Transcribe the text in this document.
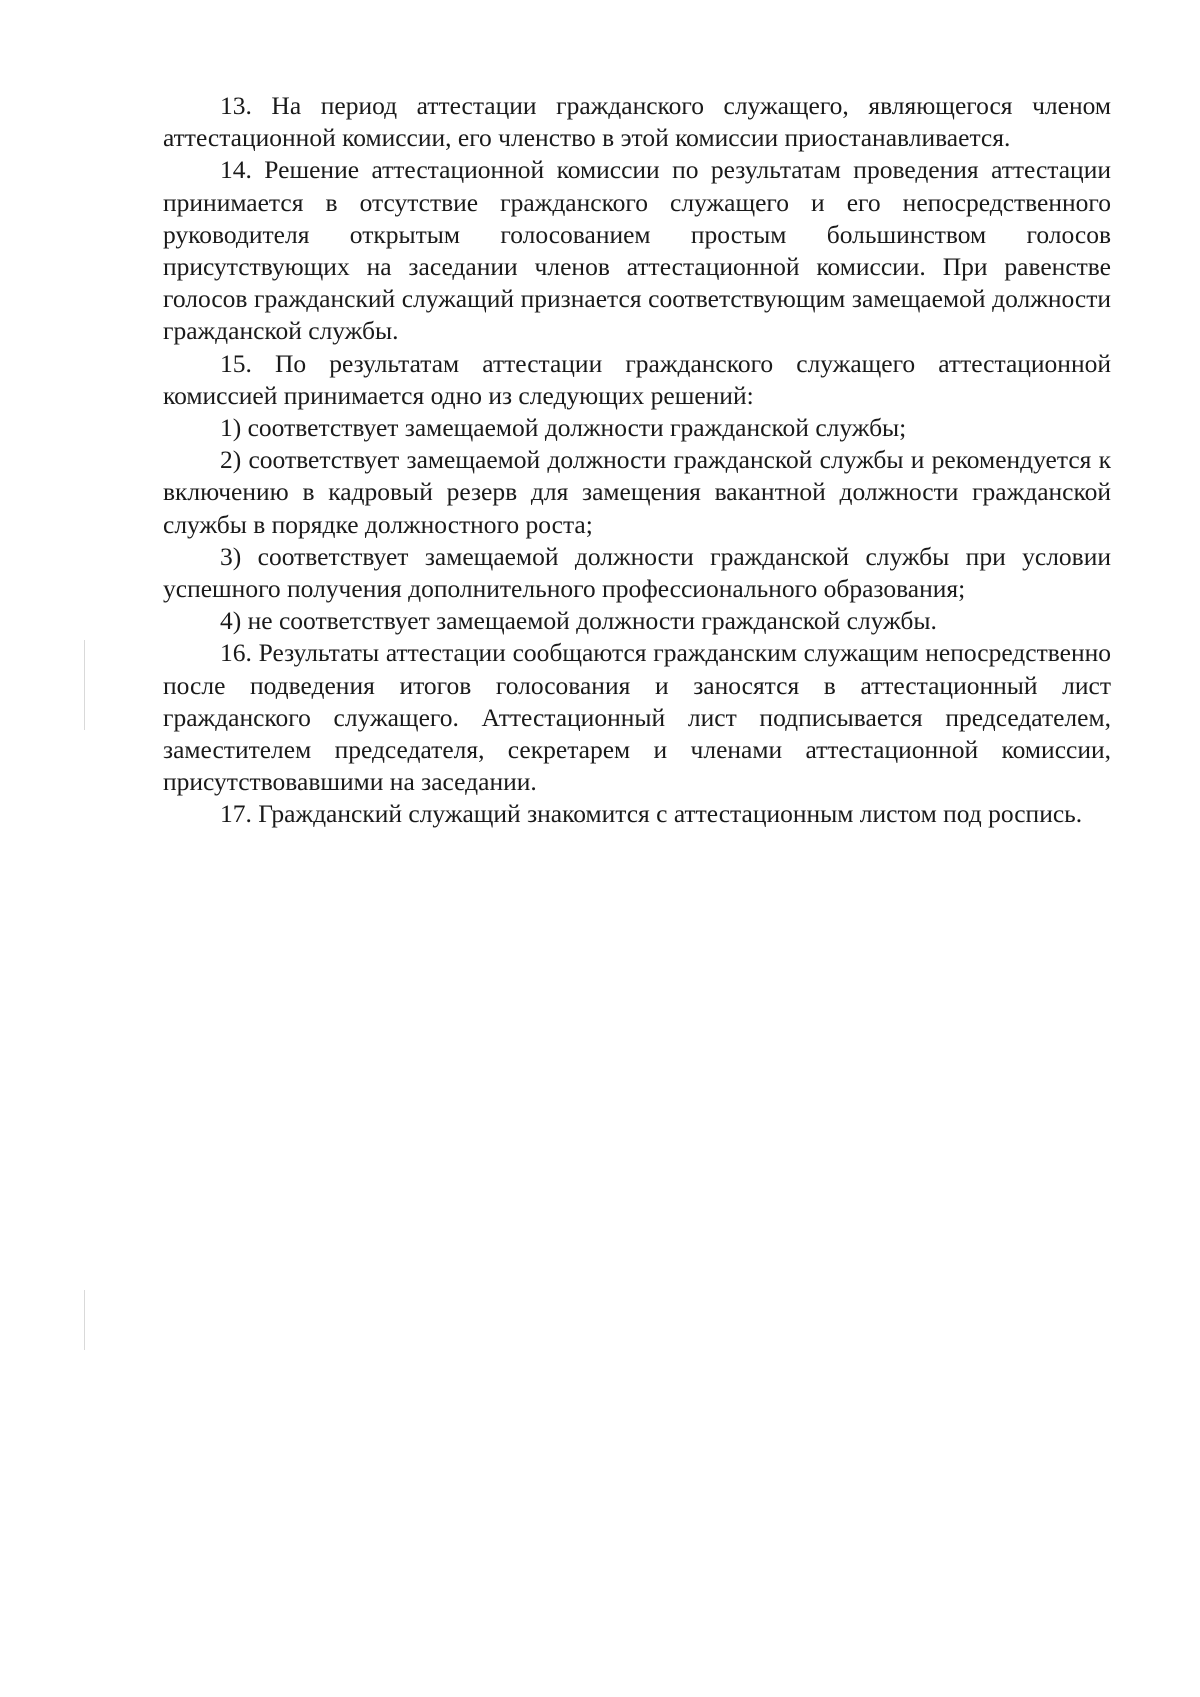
13. На период аттестации гражданского служащего, являющегося членом аттестационной комиссии, его членство в этой комиссии приостанавливается.

14. Решение аттестационной комиссии по результатам проведения аттестации принимается в отсутствие гражданского служащего и его непосредственного руководителя открытым голосованием простым большинством голосов присутствующих на заседании членов аттестационной комиссии. При равенстве голосов гражданский служащий признается соответствующим замещаемой должности гражданской службы.

15. По результатам аттестации гражданского служащего аттестационной комиссией принимается одно из следующих решений:

1) соответствует замещаемой должности гражданской службы;

2) соответствует замещаемой должности гражданской службы и рекомендуется к включению в кадровый резерв для замещения вакантной должности гражданской службы в порядке должностного роста;

3) соответствует замещаемой должности гражданской службы при условии успешного получения дополнительного профессионального образования;

4) не соответствует замещаемой должности гражданской службы.

16. Результаты аттестации сообщаются гражданским служащим непосредственно после подведения итогов голосования и заносятся в аттестационный лист гражданского служащего. Аттестационный лист подписывается председателем, заместителем председателя, секретарем и членами аттестационной комиссии, присутствовавшими на заседании.

17. Гражданский служащий знакомится с аттестационным листом под роспись.
